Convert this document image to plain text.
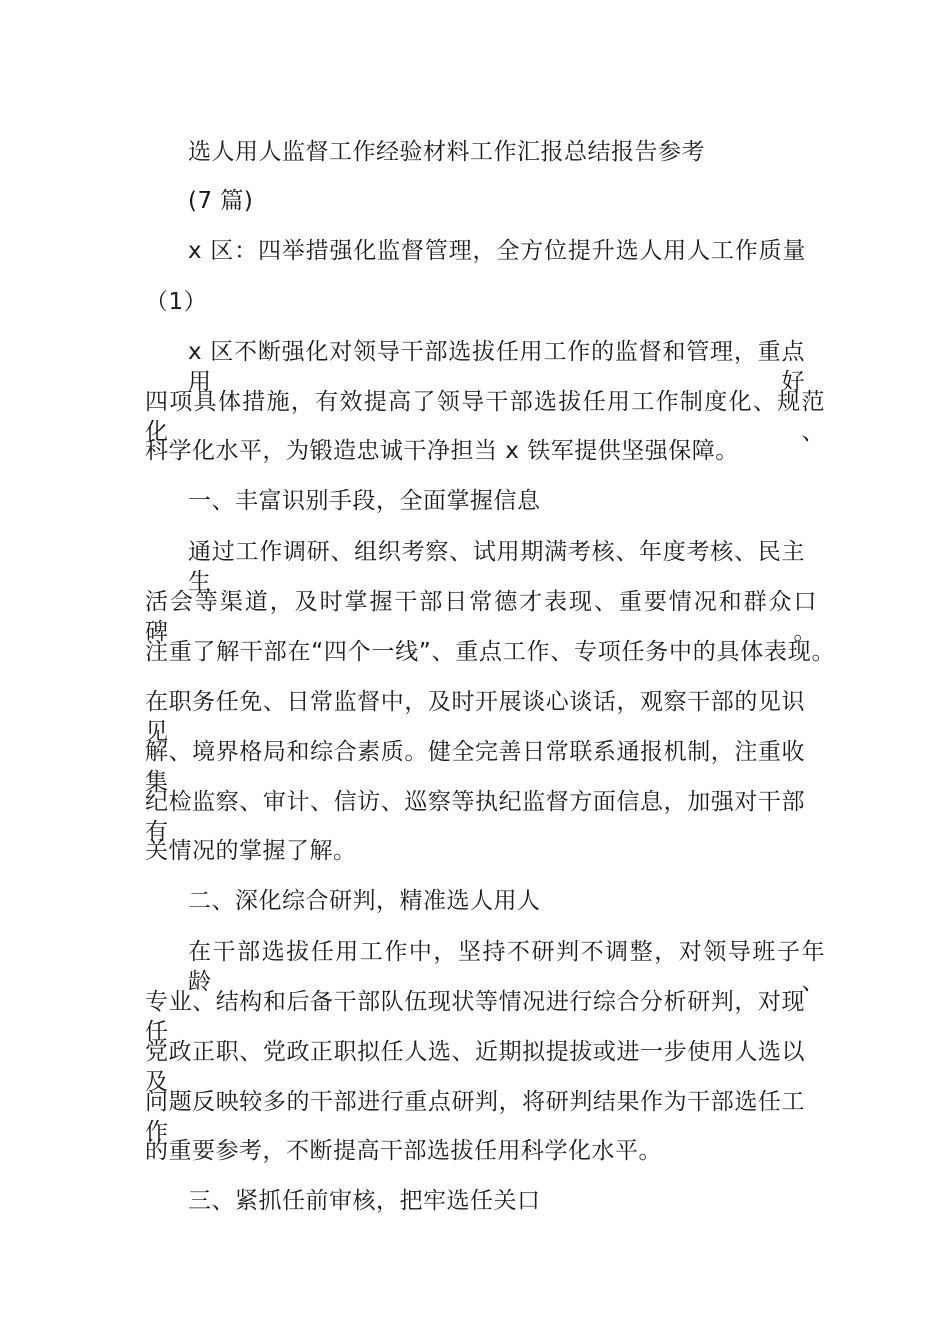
选人用人监督工作经验材料工作汇报总结报告参考
(7 篇)
x 区：四举措强化监督管理，全方位提升选人用人工作质量
（1）
x 区不断强化对领导干部选拔任用工作的监督和管理，重点用好
四项具体措施，有效提高了领导干部选拔任用工作制度化、规范化、
科学化水平，为锻造忠诚干净担当 x 铁军提供坚强保障。
一、丰富识别手段，全面掌握信息
通过工作调研、组织考察、试用期满考核、年度考核、民主生
活会等渠道，及时掌握干部日常德才表现、重要情况和群众口碑。
注重了解干部在“四个一线”、重点工作、专项任务中的具体表现。
在职务任免、日常监督中，及时开展谈心谈话，观察干部的见识见
解、境界格局和综合素质。健全完善日常联系通报机制，注重收集
纪检监察、审计、信访、巡察等执纪监督方面信息，加强对干部有
关情况的掌握了解。
二、深化综合研判，精准选人用人
在干部选拔任用工作中，坚持不研判不调整，对领导班子年龄、
专业、结构和后备干部队伍现状等情况进行综合分析研判，对现任
党政正职、党政正职拟任人选、近期拟提拔或进一步使用人选以及
问题反映较多的干部进行重点研判，将研判结果作为干部选任工作
的重要参考，不断提高干部选拔任用科学化水平。
三、紧抓任前审核，把牢选任关口
